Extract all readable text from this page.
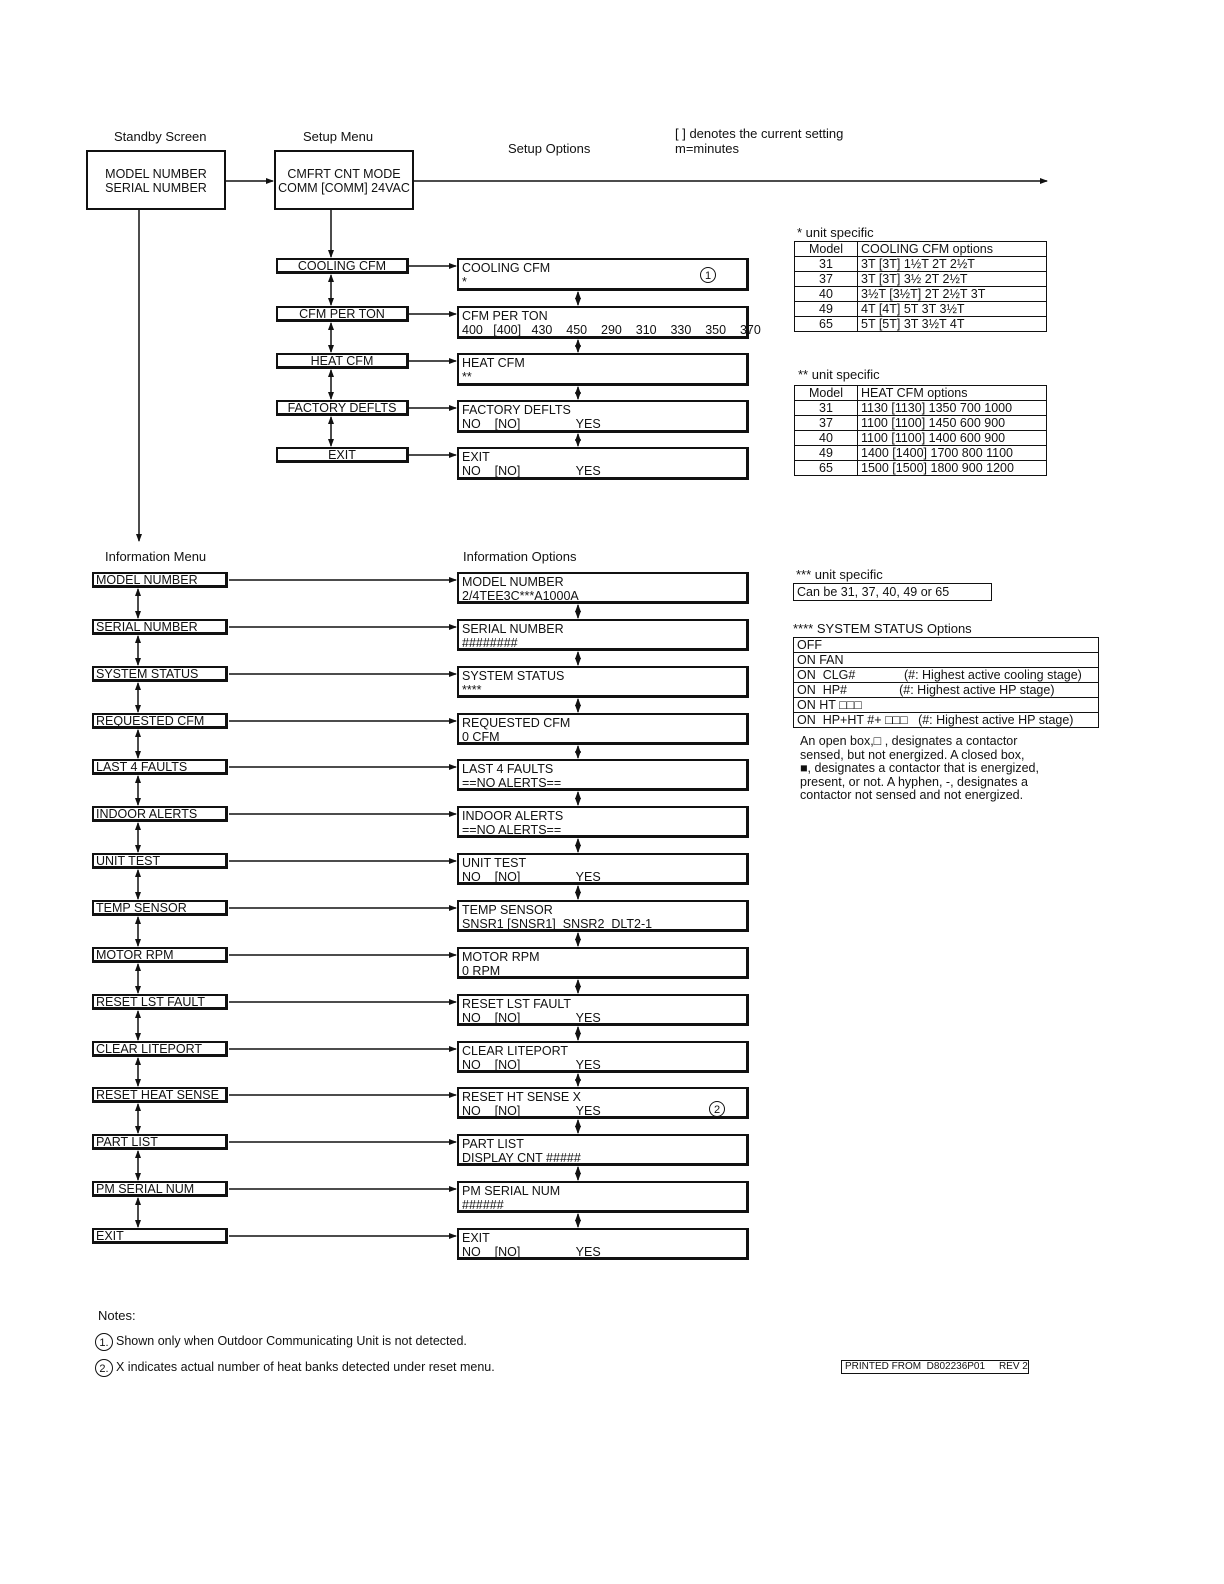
Standby Screen	Setup Menu
Setup Options
[ ] denotes the current setting
m=minutes
Information Menu	Information Options
MODEL NUMBER
SERIAL NUMBER
CMFRT CNT MODE
COMM [COMM] 24VAC
COOLING CFM	COOLING CFM
*	1
CFM PER TON	CFM PER TON
400   [400]   430    450    290    310    330    350    370
HEAT CFM	HEAT CFM
**
FACTORY DEFLTS	FACTORY DEFLTS
NO    [NO]                YES
EXIT	EXIT
NO    [NO]                YES
MODEL NUMBER	MODEL NUMBER
2/4TEE3C***A1000A
SERIAL NUMBER	SERIAL NUMBER
########
SYSTEM STATUS	SYSTEM STATUS
****
REQUESTED CFM	REQUESTED CFM
0 CFM
LAST 4 FAULTS	LAST 4 FAULTS
==NO ALERTS==
INDOOR ALERTS	INDOOR ALERTS
==NO ALERTS==
UNIT TEST	UNIT TEST
NO    [NO]                YES
TEMP SENSOR	TEMP SENSOR
SNSR1 [SNSR1]  SNSR2  DLT2-1
MOTOR RPM	MOTOR RPM
0 RPM
RESET LST FAULT	RESET LST FAULT
NO    [NO]                YES
CLEAR LITEPORT	CLEAR LITEPORT
NO    [NO]                YES
RESET HEAT SENSE	RESET HT SENSE X
NO    [NO]                YES	2
PART LIST	PART LIST
DISPLAY CNT #####
PM SERIAL NUM	PM SERIAL NUM
######
EXIT	EXIT
NO    [NO]                YES
* unit specific
Model	COOLING CFM options
31	3T [3T] 1½T 2T 2½T
37	3T [3T] 3½ 2T 2½T
40	3½T [3½T] 2T 2½T 3T
49	4T [4T] 5T 3T 3½T
65	5T [5T] 3T 3½T 4T
** unit specific
Model	HEAT CFM options
31	1130 [1130] 1350 700 1000
37	1100 [1100] 1450 600 900
40	1100 [1100] 1400 600 900
49	1400 [1400] 1700 800 1100
65	1500 [1500] 1800 900 1200
*** unit specific
Can be 31, 37, 40, 49 or 65
**** SYSTEM STATUS Options
OFF
ON FAN
ON  CLG#              (#: Highest active cooling stage)
ON  HP#               (#: Highest active HP stage)
ON HT □□□
ON  HP+HT #+ □□□   (#: Highest active HP stage)
An open box,□ , designates a contactor
sensed, but not energized. A closed box,
■, designates a contactor that is energized,
present, or not. A hyphen, -, designates a
contactor not sensed and not energized.
Notes:
1. Shown only when Outdoor Communicating Unit is not detected.
2. X indicates actual number of heat banks detected under reset menu.	PRINTED FROM  D802236P01     REV 2
